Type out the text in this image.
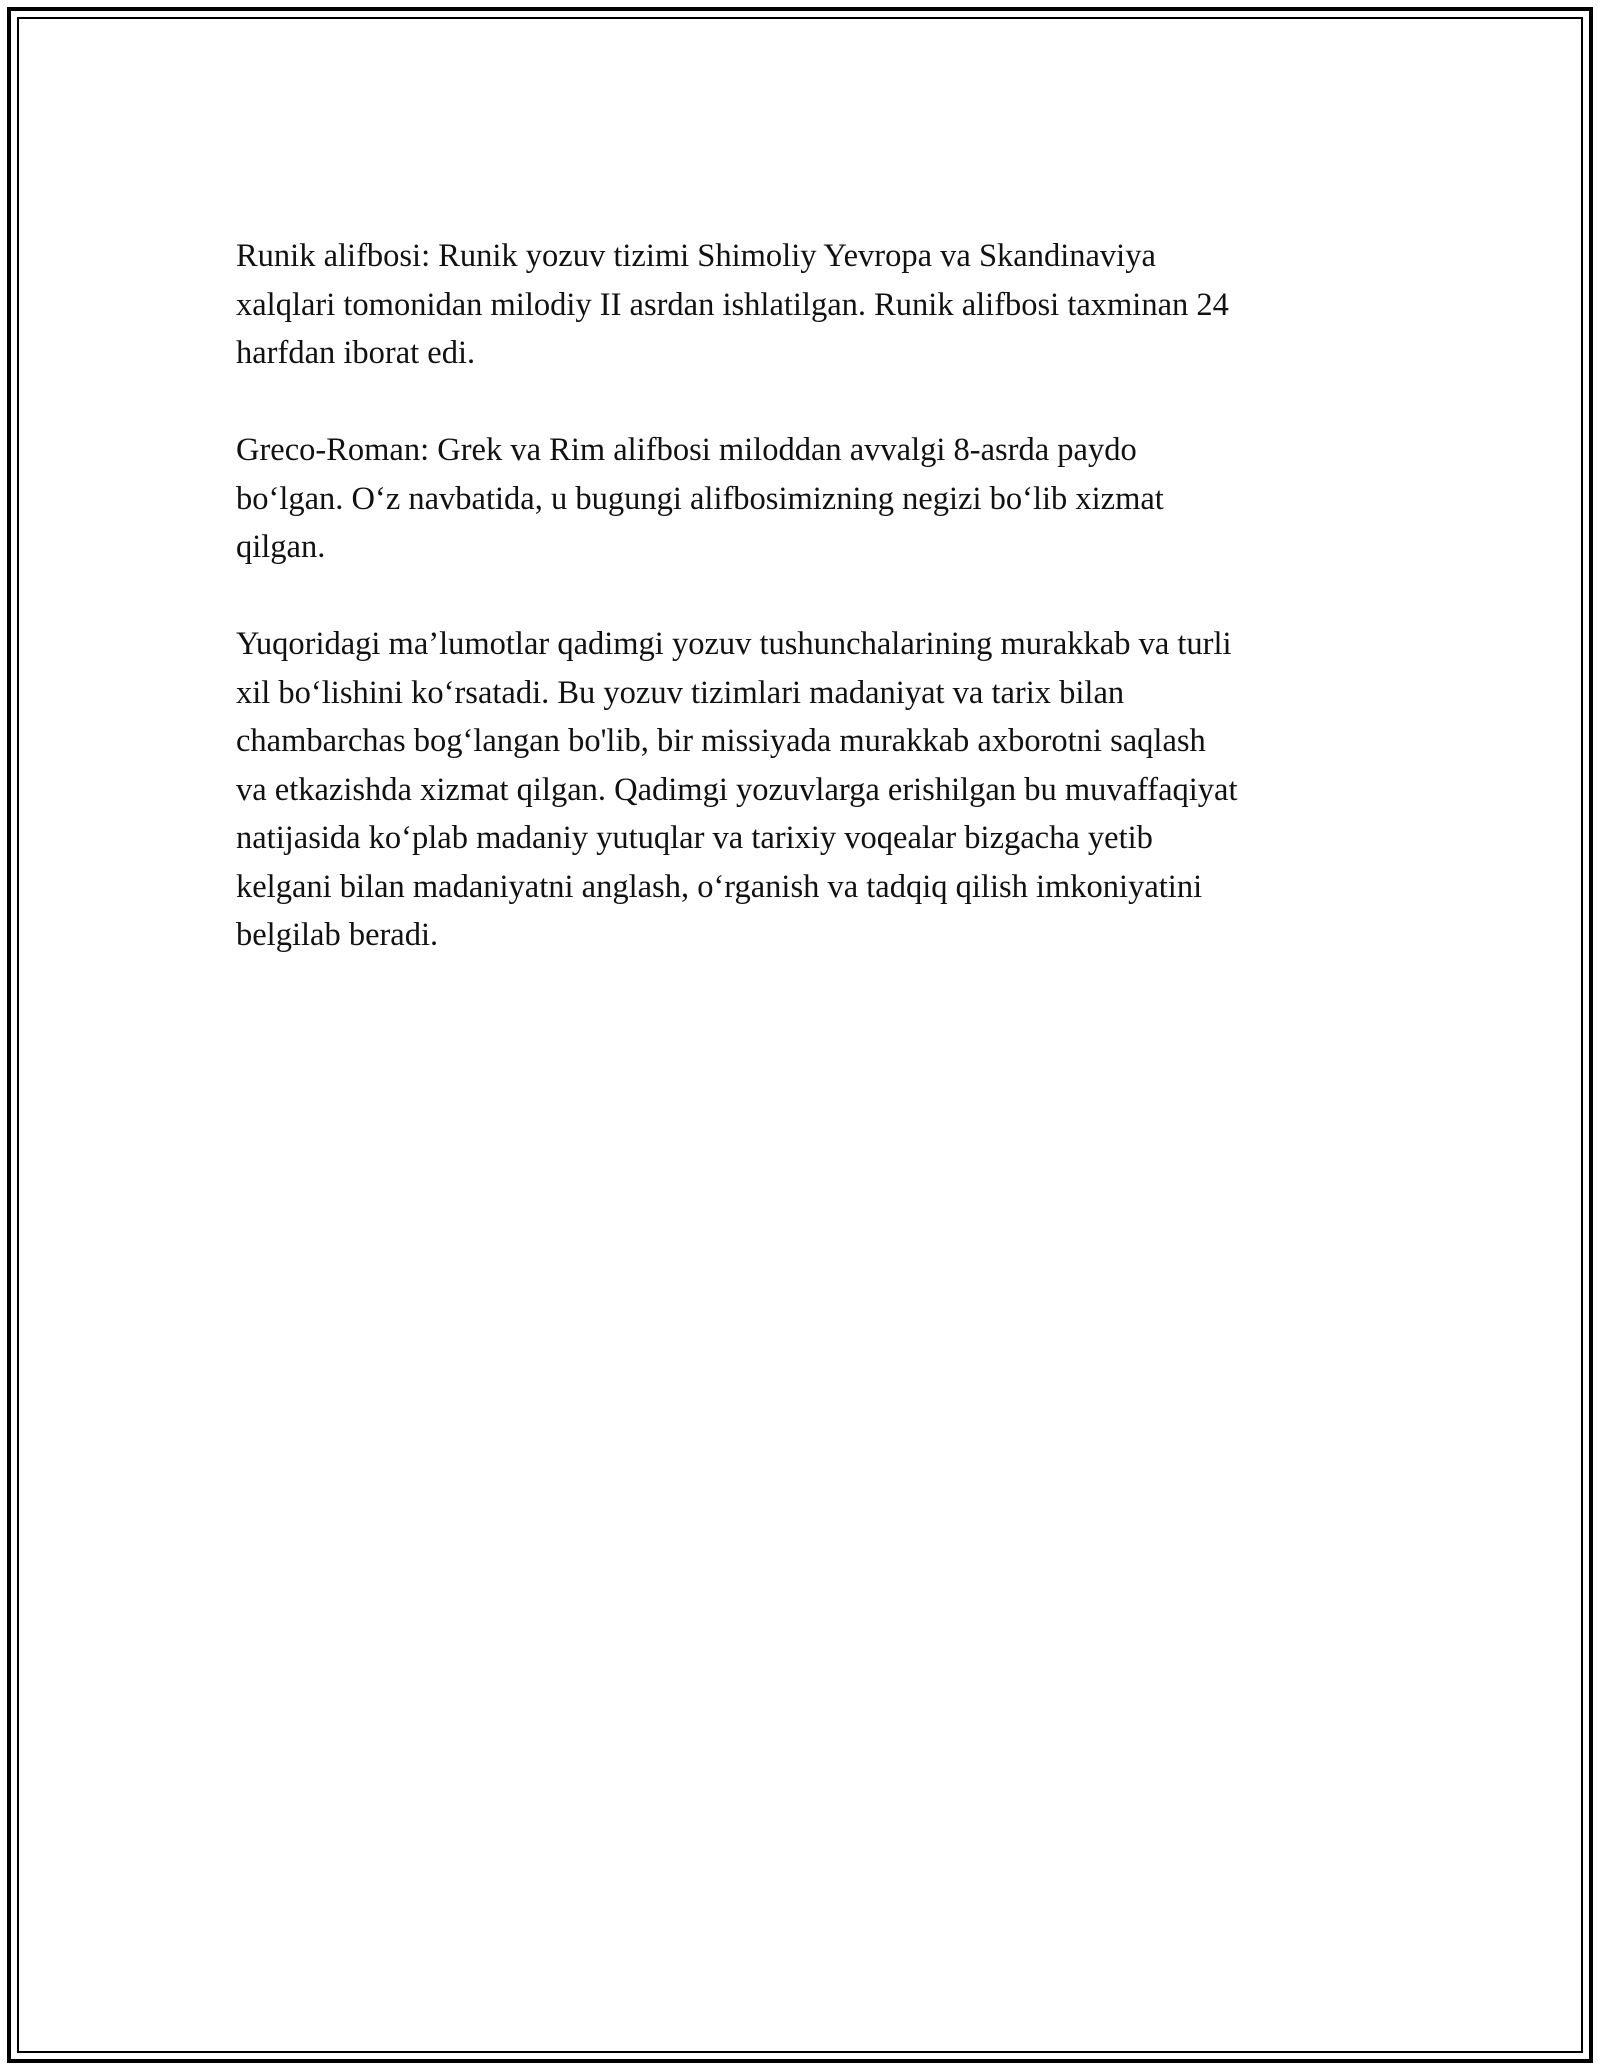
Runik alifbosi: Runik yozuv tizimi Shimoliy Yevropa va Skandinaviya
xalqlari tomonidan milodiy II asrdan ishlatilgan. Runik alifbosi taxminan 24
harfdan iborat edi.

Greco-Roman: Grek va Rim alifbosi miloddan avvalgi 8-asrda paydo
bo‘lgan. O‘z navbatida, u bugungi alifbosimizning negizi bo‘lib xizmat
qilgan.

Yuqoridagi ma’lumotlar qadimgi yozuv tushunchalarining murakkab va turli
xil bo‘lishini ko‘rsatadi. Bu yozuv tizimlari madaniyat va tarix bilan
chambarchas bog‘langan bo'lib, bir missiyada murakkab axborotni saqlash
va etkazishda xizmat qilgan. Qadimgi yozuvlarga erishilgan bu muvaffaqiyat
natijasida ko‘plab madaniy yutuqlar va tarixiy voqealar bizgacha yetib
kelgani bilan madaniyatni anglash, o‘rganish va tadqiq qilish imkoniyatini
belgilab beradi.
